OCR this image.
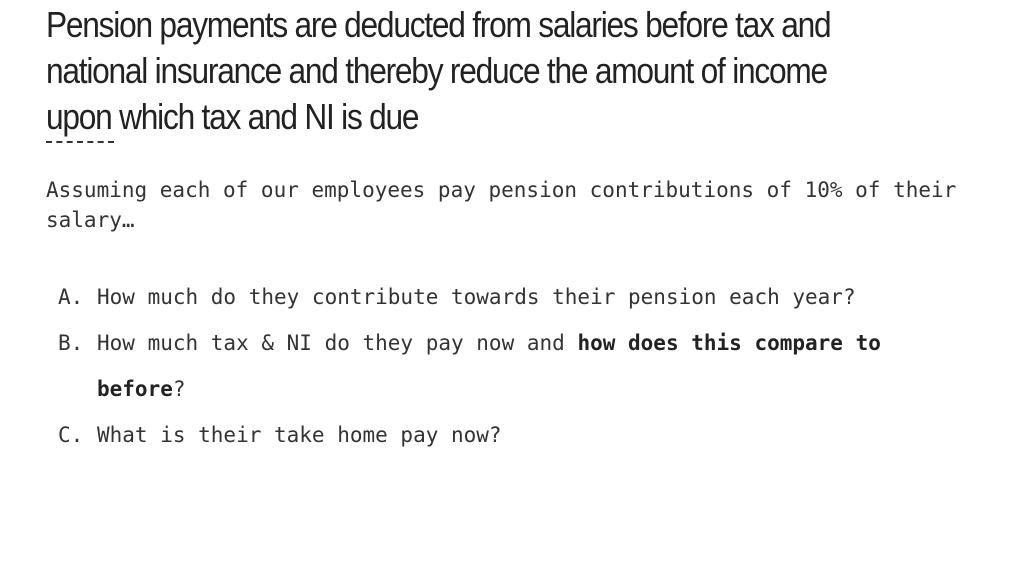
Pension payments are deducted from salaries before tax and national insurance and thereby reduce the amount of income upon which tax and NI is due

Assuming each of our employees pay pension contributions of 10% of their salary…

A. How much do they contribute towards their pension each year?
B. How much tax & NI do they pay now and how does this compare to before?
C. What is their take home pay now?
